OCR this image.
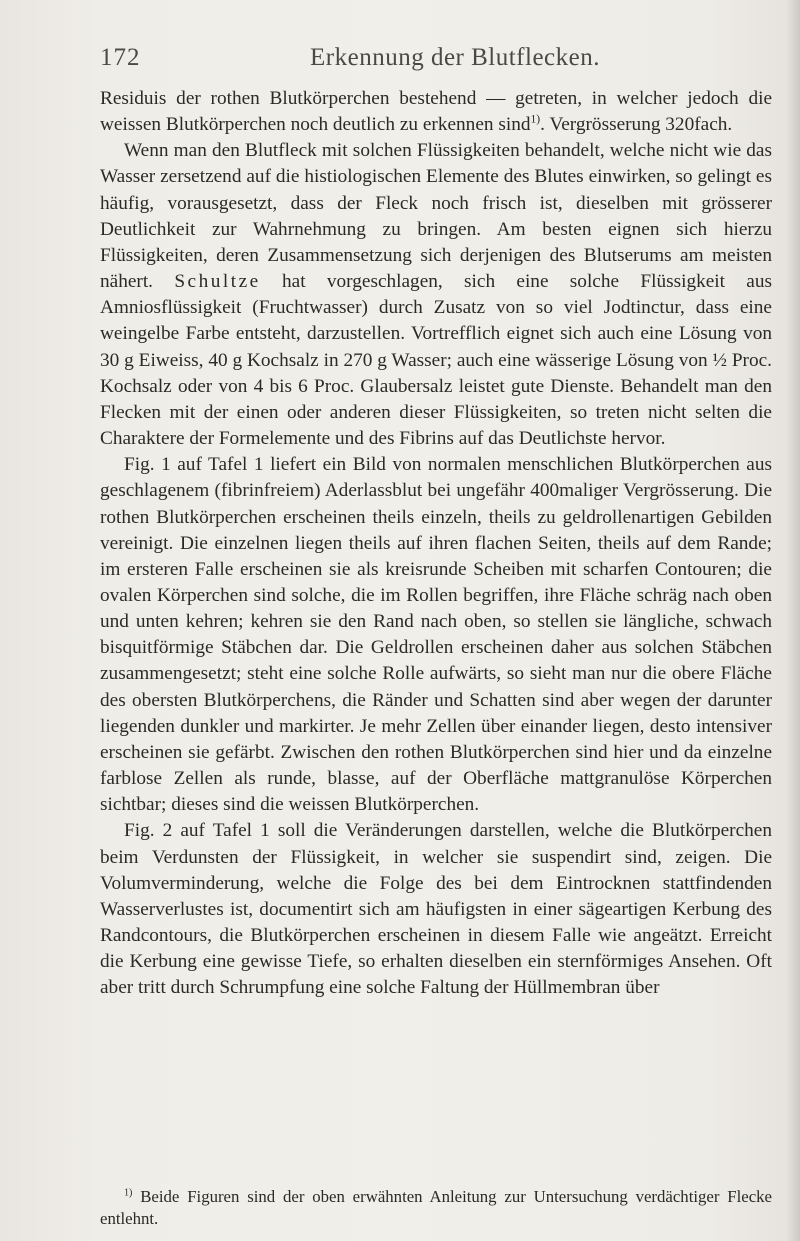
172	Erkennung der Blutflecken.

Residuis der rothen Blutkörperchen bestehend — getreten, in welcher jedoch die weissen Blutkörperchen noch deutlich zu erkennen sind$^{1)}$. Vergrösserung 320fach.

Wenn man den Blutfleck mit solchen Flüssigkeiten behandelt, welche nicht wie das Wasser zersetzend auf die histiologischen Elemente des Blutes einwirken, so gelingt es häufig, vorausgesetzt, dass der Fleck noch frisch ist, dieselben mit grösserer Deutlichkeit zur Wahrnehmung zu bringen. Am besten eignen sich hierzu Flüssigkeiten, deren Zusammensetzung sich derjenigen des Blutserums am meisten nähert. Schultze hat vorgeschlagen, sich eine solche Flüssigkeit aus Amniosflüssigkeit (Fruchtwasser) durch Zusatz von so viel Jodtinctur, dass eine weingelbe Farbe entsteht, darzustellen. Vortrefflich eignet sich auch eine Lösung von 30 g Eiweiss, 40 g Kochsalz in 270 g Wasser; auch eine wässerige Lösung von ½ Proc. Kochsalz oder von 4 bis 6 Proc. Glaubersalz leistet gute Dienste. Behandelt man den Flecken mit der einen oder anderen dieser Flüssigkeiten, so treten nicht selten die Charaktere der Formelemente und des Fibrins auf das Deutlichste hervor.

Fig. 1 auf Tafel 1 liefert ein Bild von normalen menschlichen Blutkörperchen aus geschlagenem (fibrinfreiem) Aderlassblut bei ungefähr 400maliger Vergrösserung. Die rothen Blutkörperchen erscheinen theils einzeln, theils zu geldrollenartigen Gebilden vereinigt. Die einzelnen liegen theils auf ihren flachen Seiten, theils auf dem Rande; im ersteren Falle erscheinen sie als kreisrunde Scheiben mit scharfen Contouren; die ovalen Körperchen sind solche, die im Rollen begriffen, ihre Fläche schräg nach oben und unten kehren; kehren sie den Rand nach oben, so stellen sie längliche, schwach bisquitförmige Stäbchen dar. Die Geldrollen erscheinen daher aus solchen Stäbchen zusammengesetzt; steht eine solche Rolle aufwärts, so sieht man nur die obere Fläche des obersten Blutkörperchens, die Ränder und Schatten sind aber wegen der darunter liegenden dunkler und markirter. Je mehr Zellen über einander liegen, desto intensiver erscheinen sie gefärbt. Zwischen den rothen Blutkörperchen sind hier und da einzelne farblose Zellen als runde, blasse, auf der Oberfläche mattgranulöse Körperchen sichtbar; dieses sind die weissen Blutkörperchen.

Fig. 2 auf Tafel 1 soll die Veränderungen darstellen, welche die Blutkörperchen beim Verdunsten der Flüssigkeit, in welcher sie suspendirt sind, zeigen. Die Volumverminderung, welche die Folge des bei dem Eintrocknen stattfindenden Wasserverlustes ist, documentirt sich am häufigsten in einer sägeartigen Kerbung des Randcontours, die Blutkörperchen erscheinen in diesem Falle wie angeätzt. Erreicht die Kerbung eine gewisse Tiefe, so erhalten dieselben ein sternförmiges Ansehen. Oft aber tritt durch Schrumpfung eine solche Faltung der Hüllmembran über

$^{1)}$ Beide Figuren sind der oben erwähnten Anleitung zur Untersuchung verdächtiger Flecke entlehnt.
